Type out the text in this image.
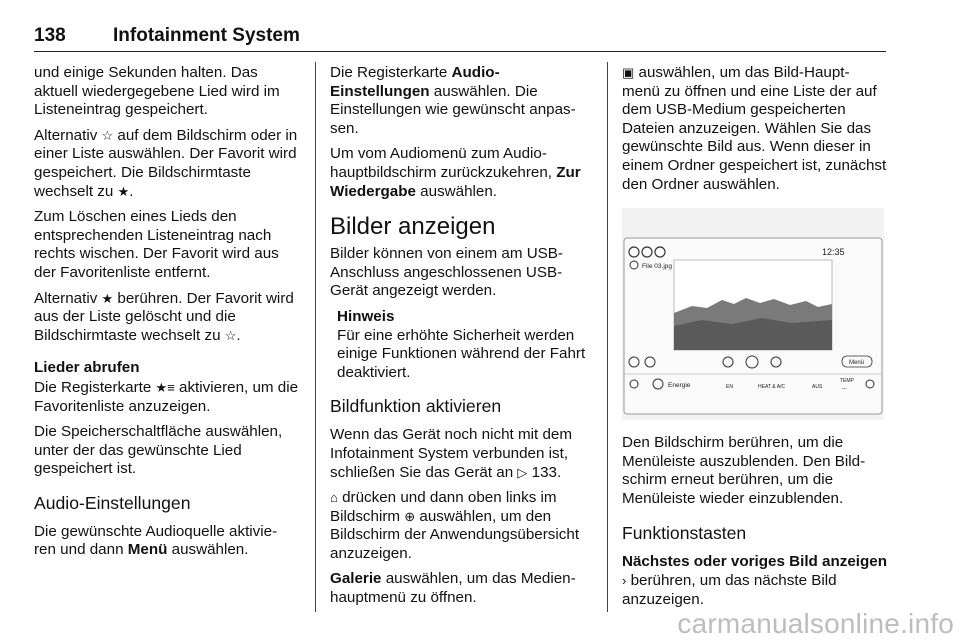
138 Infotainment System

und einige Sekunden halten. Das aktuell wiedergegebene Lied wird im Listeneintrag gespeichert.

Alternativ ☆ auf dem Bildschirm oder in einer Liste auswählen. Der Favorit wird gespeichert. Die Bildschirmtaste wechselt zu ★.

Zum Löschen eines Lieds den entsprechenden Listeneintrag nach rechts wischen. Der Favorit wird aus der Favoritenliste entfernt.

Alternativ ★ berühren. Der Favorit wird aus der Liste gelöscht und die Bildschirmtaste wechselt zu ☆.

Lieder abrufen

Die Registerkarte ★≡ aktivieren, um die Favoritenliste anzuzeigen.

Die Speicherschaltfläche auswählen, unter der das gewünschte Lied gespeichert ist.

Audio-Einstellungen

Die gewünschte Audioquelle aktivie- ren und dann Menü auswählen.

Die Registerkarte Audio-Einstellungen auswählen. Die Einstellungen wie gewünscht anpas- sen.

Um vom Audiomenü zum Audio- hauptbildschirm zurückzukehren, Zur Wiedergabe auswählen.

Bilder anzeigen

Bilder können von einem am USB-Anschluss angeschlossenen USB-Gerät angezeigt werden.

Hinweis

Für eine erhöhte Sicherheit werden einige Funktionen während der Fahrt deaktiviert.

Bildfunktion aktivieren

Wenn das Gerät noch nicht mit dem Infotainment System verbunden ist, schließen Sie das Gerät an ▷ 133.

⌂ drücken und dann oben links im Bildschirm ⊕ auswählen, um den Bildschirm der Anwendungsübersicht anzuzeigen.

Galerie auswählen, um das Medien- hauptmenü zu öffnen.

▣ auswählen, um das Bild-Haupt- menü zu öffnen und eine Liste der auf dem USB-Medium gespeicherten Dateien anzuzeigen. Wählen Sie das gewünschte Bild aus. Wenn dieser in einem Ordner gespeichert ist, zunächst den Ordner auswählen.

12:35
File 03.jpg
Menü
Energie	EN	HEAT & A/C	AUS
TEMP
---

Den Bildschirm berühren, um die Menüleiste auszublenden. Den Bild- schirm erneut berühren, um die Menüleiste wieder einzublenden.

Funktionstasten
Nächstes oder voriges Bild anzeigen

› berühren, um das nächste Bild anzuzeigen.

carmanualsonline.info
